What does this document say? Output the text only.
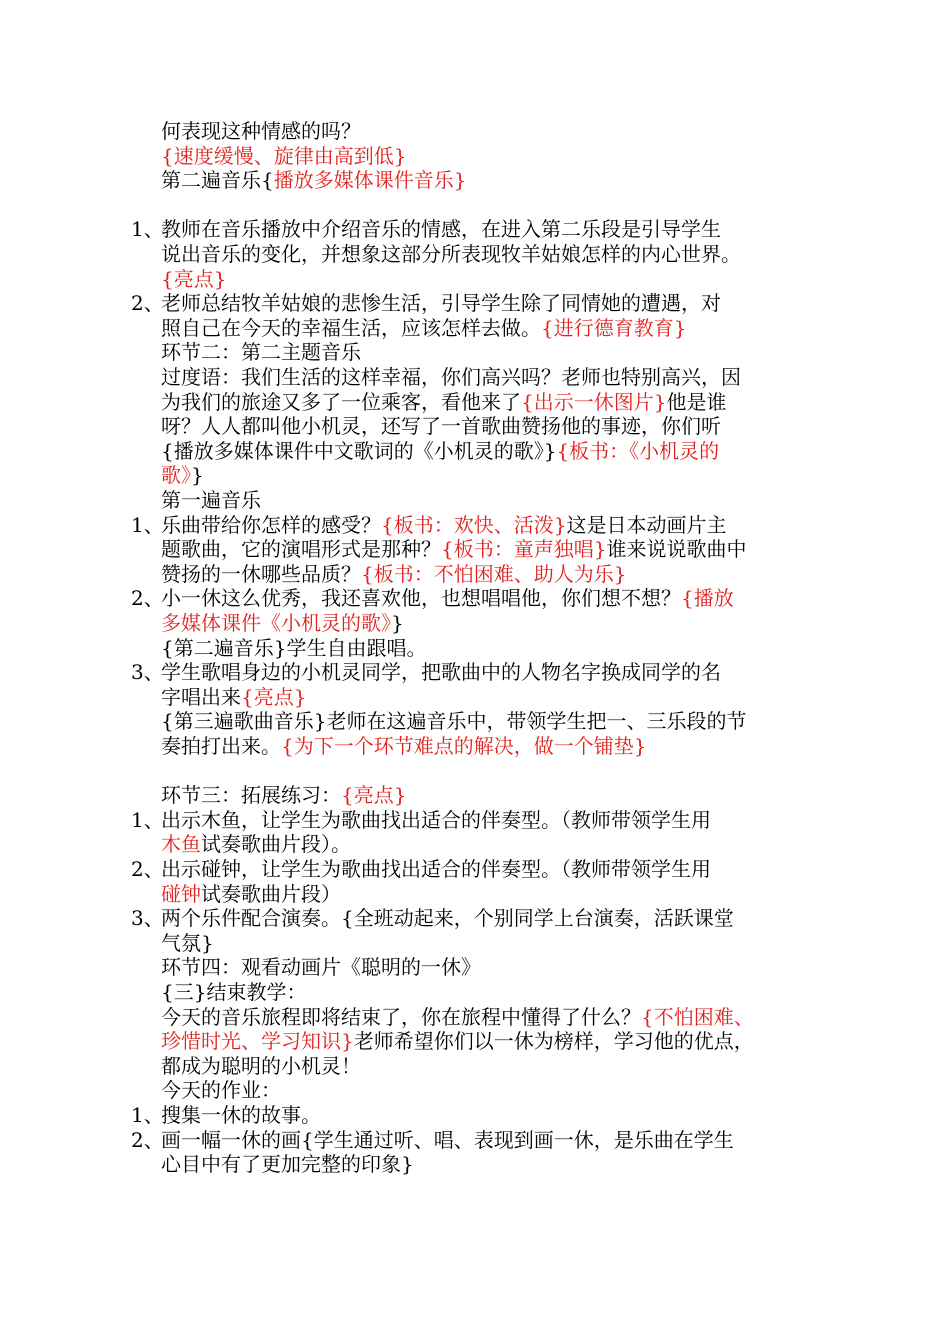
何表现这种情感的吗？
{速度缓慢、旋律由高到低}
第二遍音乐{播放多媒体课件音乐}
1、
教师在音乐播放中介绍音乐的情感，在进入第二乐段是引导学生
说出音乐的变化，并想象这部分所表现牧羊姑娘怎样的内心世界。
{亮点}
2、
老师总结牧羊姑娘的悲惨生活，引导学生除了同情她的遭遇，对
照自己在今天的幸福生活，应该怎样去做。{进行德育教育}
环节二：第二主题音乐
过度语：我们生活的这样幸福，你们高兴吗？老师也特别高兴，因
为我们的旅途又多了一位乘客，看他来了{出示一休图片}他是谁
呀？人人都叫他小机灵，还写了一首歌曲赞扬他的事迹，你们听
{播放多媒体课件中文歌词的《小机灵的歌》}{板书：《小机灵的
歌》}
第一遍音乐
1、
乐曲带给你怎样的感受？{板书：欢快、活泼}这是日本动画片主
题歌曲，它的演唱形式是那种？{板书：童声独唱}谁来说说歌曲中
赞扬的一休哪些品质？{板书：不怕困难、助人为乐}
2、
小一休这么优秀，我还喜欢他，也想唱唱他，你们想不想？{播放
多媒体课件《小机灵的歌》}
{第二遍音乐}学生自由跟唱。
3、
学生歌唱身边的小机灵同学，把歌曲中的人物名字换成同学的名
字唱出来{亮点}
{第三遍歌曲音乐}老师在这遍音乐中，带领学生把一、三乐段的节
奏拍打出来。{为下一个环节难点的解决，做一个铺垫}
环节三：拓展练习：{亮点}
1、
出示木鱼，让学生为歌曲找出适合的伴奏型。（教师带领学生用
木鱼试奏歌曲片段）。
2、
出示碰钟，让学生为歌曲找出适合的伴奏型。（教师带领学生用
碰钟试奏歌曲片段）
3、
两个乐件配合演奏。{全班动起来，个别同学上台演奏，活跃课堂
气氛}
环节四：观看动画片《聪明的一休》
{三}结束教学：
今天的音乐旅程即将结束了，你在旅程中懂得了什么？{不怕困难、
珍惜时光、学习知识}老师希望你们以一休为榜样，学习他的优点，
都成为聪明的小机灵！
今天的作业：
1、
搜集一休的故事。
2、
画一幅一休的画{学生通过听、唱、表现到画一休，是乐曲在学生
心目中有了更加完整的印象}
